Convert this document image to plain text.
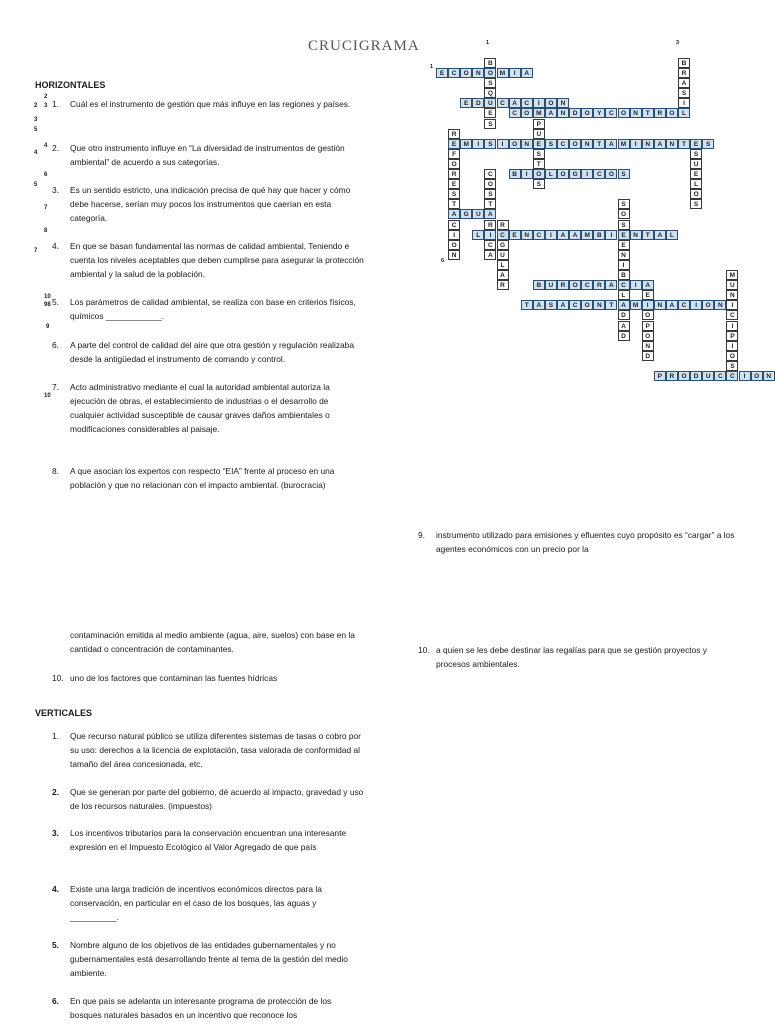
CRUCIGRAMA
E	C	O	N	O	M	I	A
E	D	U	C	A	C	I	O	N
C	O	M	A	N	D	O	Y	C	O	N	T	R	O	L
E	M	I	S	I	O	N	E	S	C	O	N	T	A	M	I	N	A	N	T	E	S
B	I	O	L	O	G	I	C	O	S
A	G	U	A
L	I	C	E	N	C	I	A	A	M	B	I	E	N	T	A	L
B	U	R	O	C	R	A	C	I	A
T	A	S	A	C	O	N	T	A	M	I	N	A	C	I	O	N
P	R	O	D	U	C	C	I	O	N
B
S
Q
E
S
B
R
A
S
I
R
F
O
R
E
S
T
C
I
O
N
P
U
S
T
S
S
U
E
L
O
S
C
O
S
T
R
C
A
R
G
U
L
A
R
S
O
S
E
N
I
B
L
D
A
D
E
O
P
O
N
D
M
U
N
I
C
I
P
I
O
S
1	3
1
6
HORIZONTALES
VERTICALES
2
2
3
3
5
4
4
6
5
7
8
7
10
98
9
10
1. Cuál es el instrumento de gestión que más influye en las regiones y países.
2. Que otro instrumento influye en “La diversidad de instrumentos de gestión ambiental” de acuerdo a sus categorías.
3. Es un sentido estricto, una indicación precisa de qué hay que hacer y cómo debe hacerse, serían muy pocos los instrumentos que caerían en esta categoría.
4. En que se basan fundamental las normas de calidad ambiental, Teniendo e cuenta los niveles aceptables que deben cumplirse para asegurar la protección ambiental y la salud de la población.
5. Los parámetros de calidad ambiental, se realiza con base en criterios físicos, químicos ____________.
6. A parte del control de calidad del aire que otra gestión y regulación realizaba desde la antigüedad el instrumento de comando y control.
7. Acto administrativo mediante el cual la autoridad ambiental autoriza la ejecución de obras, el establecimiento de industrias o el desarrollo de cualquier actividad susceptible de causar graves daños ambientales o modificaciones considerables al paisaje.
8. A que asocian los expertos con respecto “EIA” frente al proceso en una población y que no relacionan con el impacto ambiental. (burocracia)
9. instrumento utilizado para emisiones y efluentes cuyo propósito es “cargar” a los agentes económicos con un precio por la
contaminación emitida al medio ambiente (agua, aire, suelos) con base en la cantidad o concentración de contaminantes.	10. a quien se les debe destinar las regalías para que se gestión proyectos y procesos ambientales.
10. uno de los factores que contaminan las fuentes hídricas
1. Que recurso natural público se utiliza diferentes sistemas de tasas o cobro por su uso: derechos a la licencia de explotación, tasa valorada de conformidad al tamaño del área concesionada, etc.
2. Que se generan por parte del gobierno, dé acuerdo al impacto, gravedad y uso de los recursos naturales. (impuestos)
3. Los incentivos tributarios para la conservación encuentran una interesante expresión en el Impuesto Ecológico al Valor Agregado de que país
4. Existe una larga tradición de incentivos económicos directos para la conservación, en particular en el caso de los bosques, las aguas y __________.
5. Nombre alguno de los objetivos de las entidades gubernamentales y no gubernamentales está desarrollando frente al tema de la gestión del medio ambiente.
6. En que país se adelanta un interesante programa de protección de los bosques naturales basados en un incentivo que reconoce los
